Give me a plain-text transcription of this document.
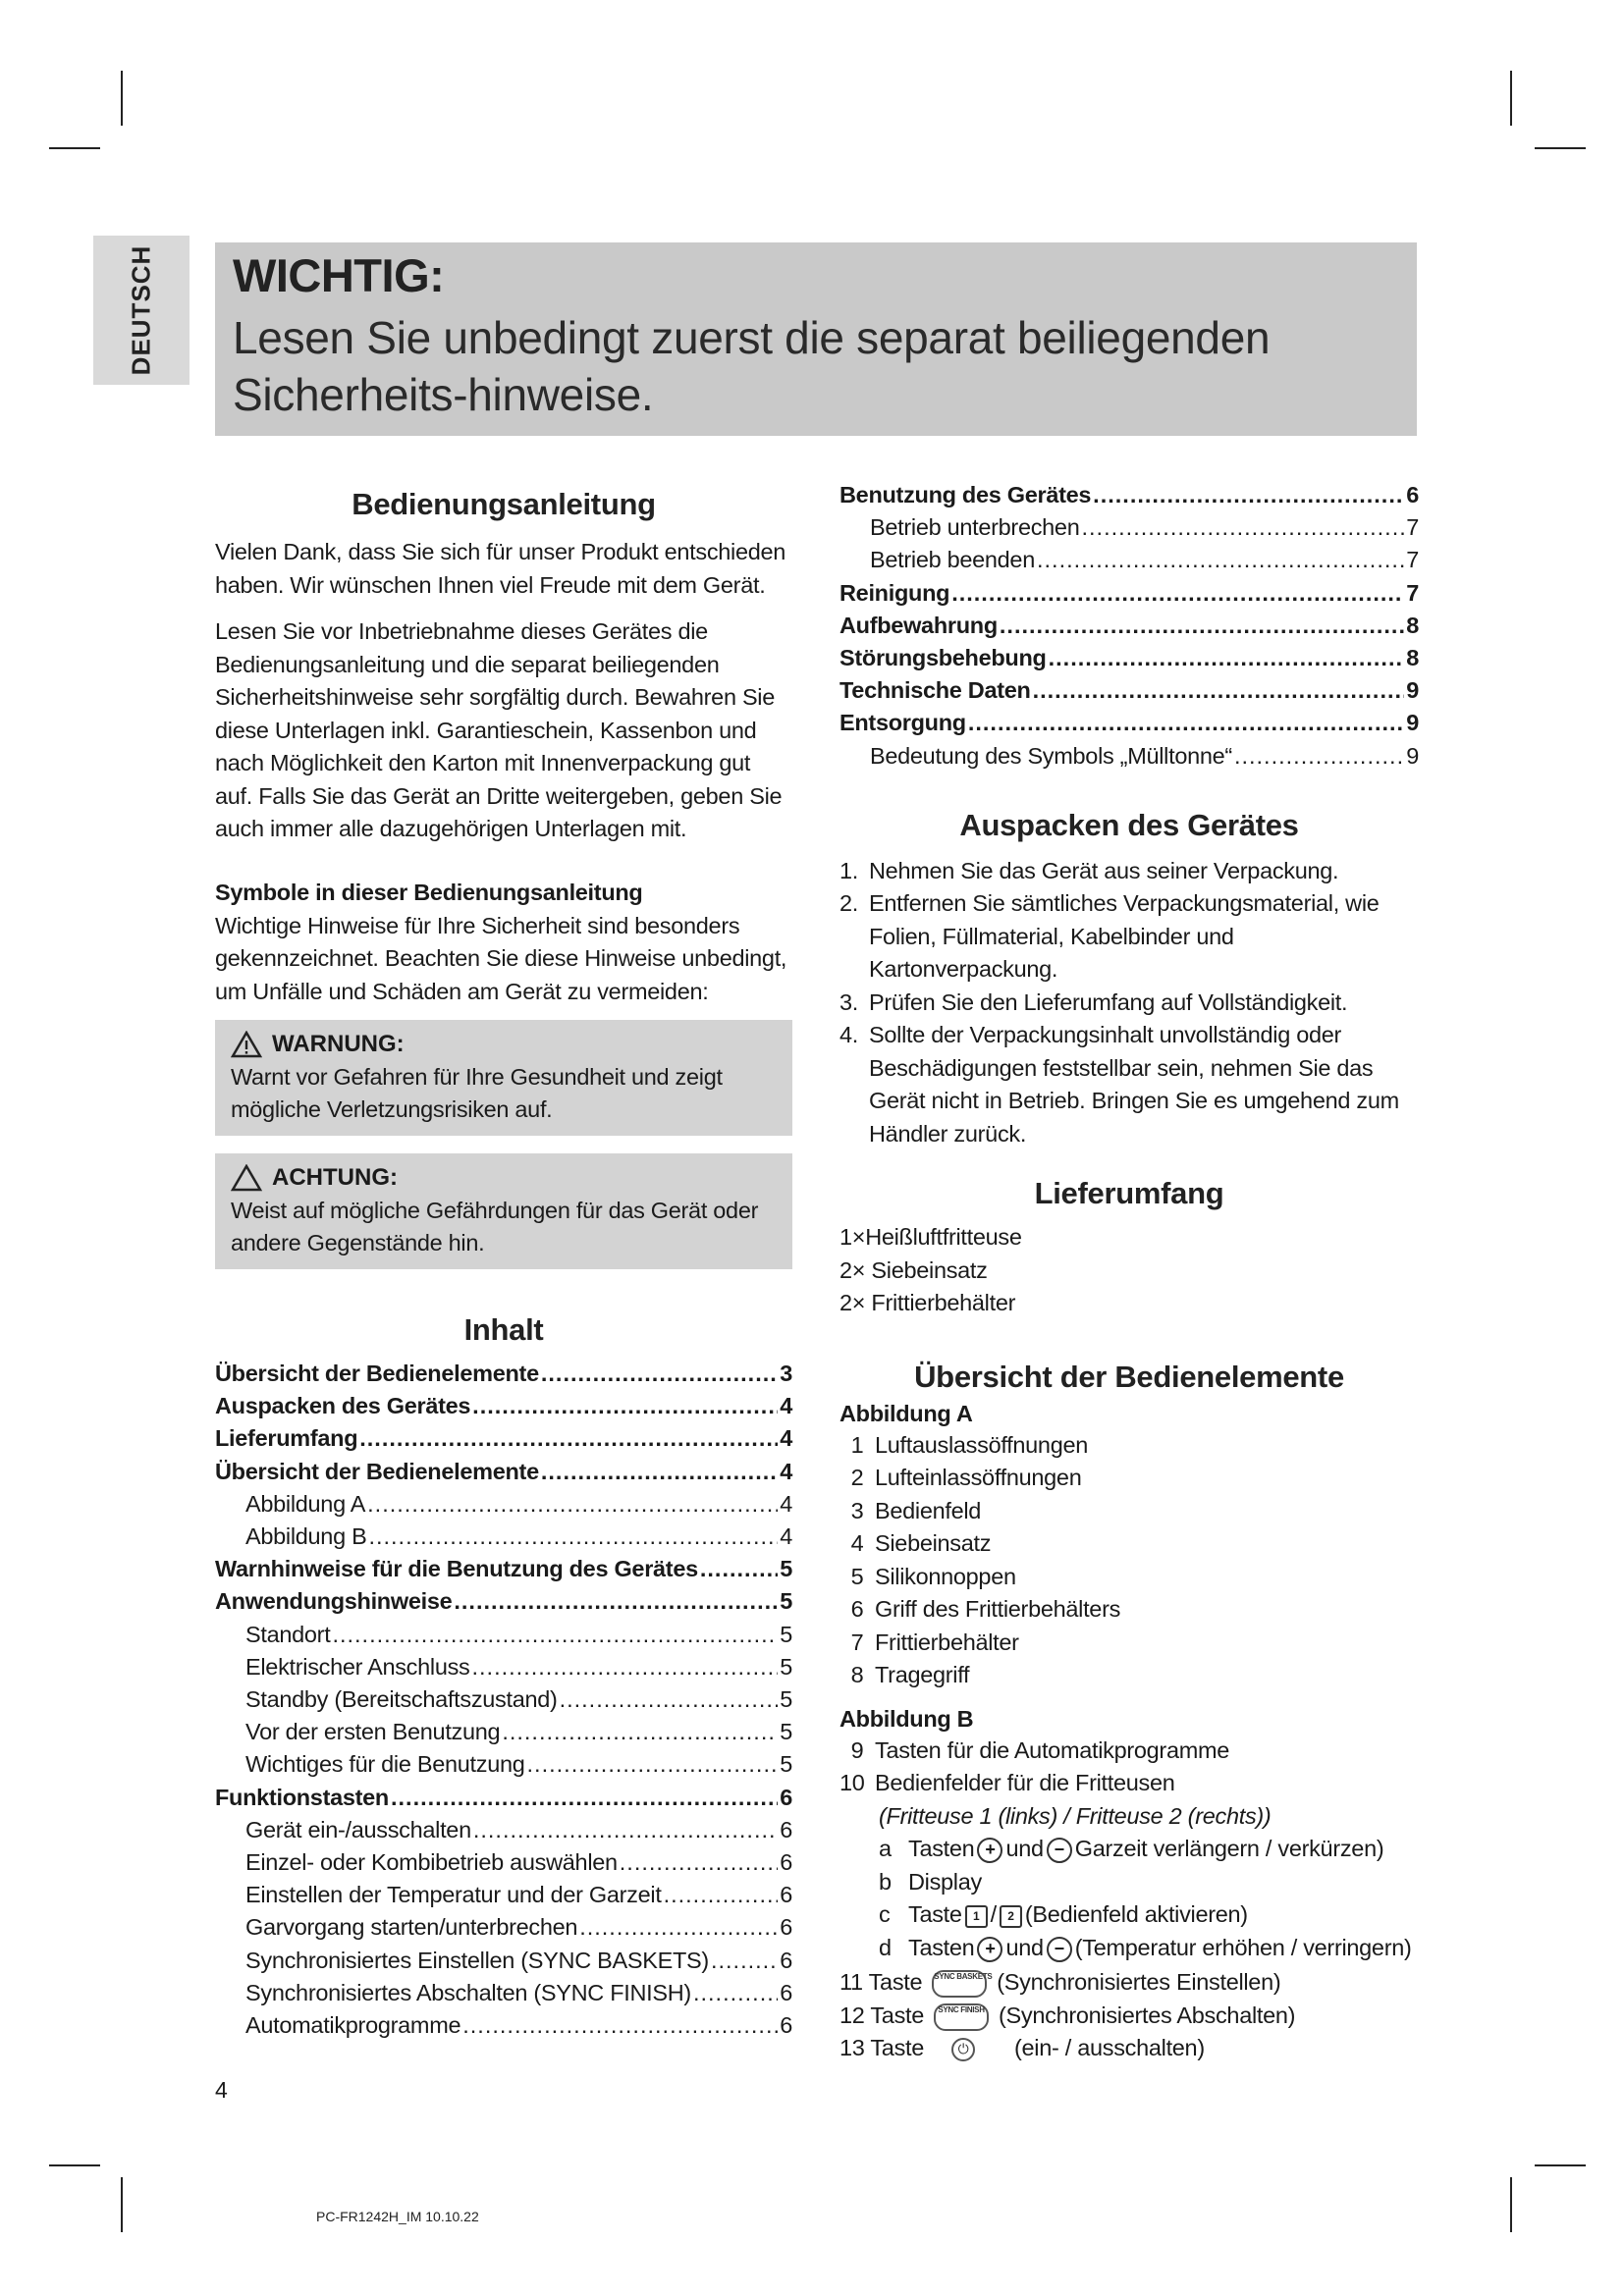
DEUTSCH WICHTIG:
Lesen Sie unbedingt zuerst die separat beiliegenden Sicherheits-hinweise.
Bedienungsanleitung

Vielen Dank, dass Sie sich für unser Produkt entschieden haben. Wir wünschen Ihnen viel Freude mit dem Gerät.

Lesen Sie vor Inbetriebnahme dieses Gerätes die Bedienungsanleitung und die separat beiliegenden Sicherheitshinweise sehr sorgfältig durch. Bewahren Sie diese Unterlagen inkl. Garantieschein, Kassenbon und nach Möglichkeit den Karton mit Innenverpackung gut auf. Falls Sie das Gerät an Dritte weitergeben, geben Sie auch immer alle dazugehörigen Unterlagen mit.

Symbole in dieser Bedienungsanleitung

Wichtige Hinweise für Ihre Sicherheit sind besonders gekennzeichnet. Beachten Sie diese Hinweise unbedingt, um Unfälle und Schäden am Gerät zu vermeiden:

WARNUNG:
Warnt vor Gefahren für Ihre Gesundheit und zeigt mögliche Verletzungsrisiken auf.
ACHTUNG:
Weist auf mögliche Gefährdungen für das Gerät oder andere Gegenstände hin.
Inhalt
Übersicht der Bedienelemente .....	3
Auspacken des Gerätes .....	4
Lieferumfang .....	4
Übersicht der Bedienelemente .....	4
Abbildung A .....	4
Abbildung B .....	4
Warnhinweise für die Benutzung des Gerätes .....	5
Anwendungshinweise .....	5
Standort .....	5
Elektrischer Anschluss .....	5
Standby (Bereitschaftszustand) .....	5
Vor der ersten Benutzung .....	5
Wichtiges für die Benutzung .....	5
Funktionstasten .....	6
Gerät ein-/ausschalten .....	6
Einzel- oder Kombibetrieb auswählen .....	6
Einstellen der Temperatur und der Garzeit .....	6
Garvorgang starten/unterbrechen .....	6
Synchronisiertes Einstellen (SYNC BASKETS) .....	6
Synchronisiertes Abschalten (SYNC FINISH) .....	6
Automatikprogramme .....	6
Benutzung des Gerätes .....	6
Betrieb unterbrechen .....	7
Betrieb beenden .....	7
Reinigung .....	7
Aufbewahrung .....	8
Störungsbehebung .....	8
Technische Daten .....	9
Entsorgung .....	9
Bedeutung des Symbols „Mülltonne“ .....	9
Auspacken des Gerätes
1. Nehmen Sie das Gerät aus seiner Verpackung.
2. Entfernen Sie sämtliches Verpackungsmaterial, wie Folien, Füllmaterial, Kabelbinder und Kartonverpackung.
3. Prüfen Sie den Lieferumfang auf Vollständigkeit.
4. Sollte der Verpackungsinhalt unvollständig oder Beschädigungen feststellbar sein, nehmen Sie das Gerät nicht in Betrieb. Bringen Sie es umgehend zum Händler zurück.
Lieferumfang
1×Heißluftfritteuse
2× Siebeinsatz
2× Frittierbehälter
Übersicht der Bedienelemente
Abbildung A
1 Luftauslassöffnungen
2 Lufteinlassöffnungen
3 Bedienfeld
4 Siebeinsatz
5 Silikonnoppen
6 Griff des Frittierbehälters
7 Frittierbehälter
8 Tragegriff
Abbildung B
9 Tasten für die Automatikprogramme
10 Bedienfelder für die Fritteusen
(Fritteuse 1 (links) / Fritteuse 2 (rechts))
a Tasten + und − Garzeit verlängern / verkürzen)
b Display
c Taste 1 / 2 (Bedienfeld aktivieren)
d Tasten + und − (Temperatur erhöhen / verringern)
11 Taste SYNC BASKETS (Synchronisiertes Einstellen)
12 Taste SYNC FINISH (Synchronisiertes Abschalten)
13 Taste ⏻ (ein- / ausschalten)
4
PC-FR1242H_IM 10.10.22
